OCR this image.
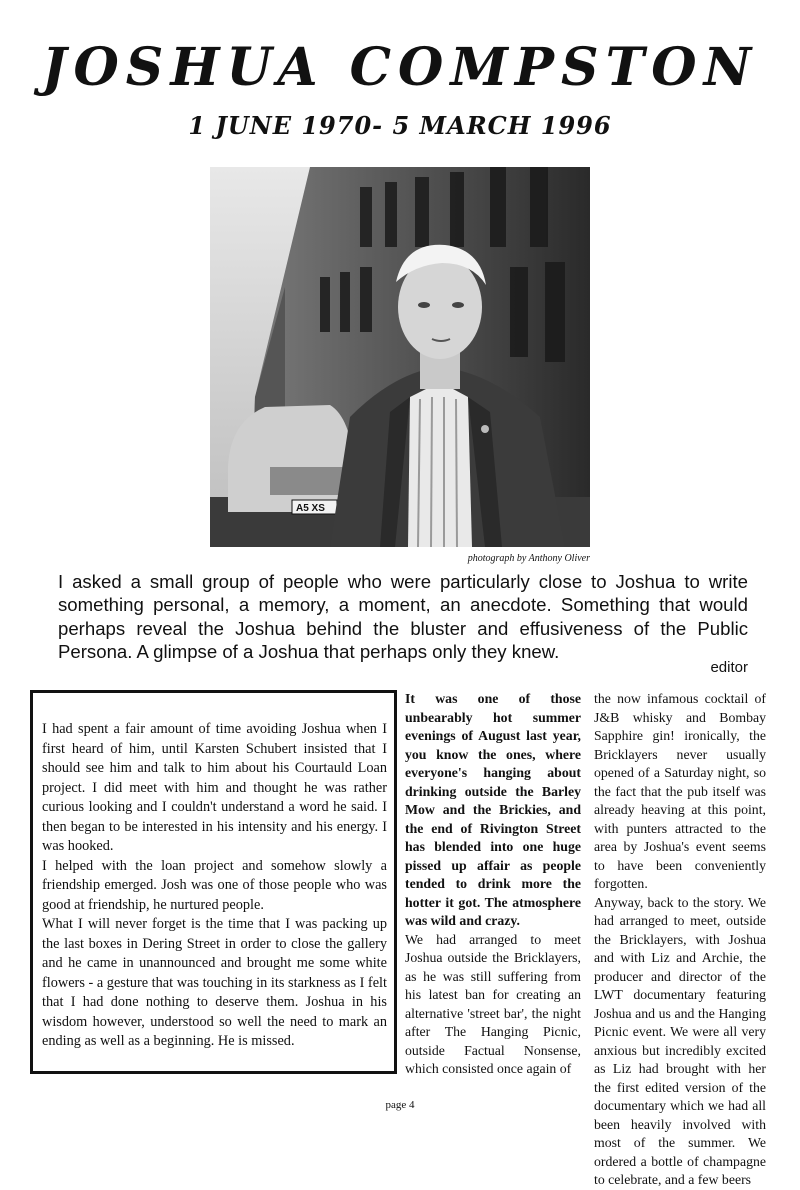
JOSHUA COMPSTON
1 JUNE 1970- 5 MARCH 1996
A5 XS
photograph by Anthony Oliver
I asked a small group of people who were particularly close to Joshua to write something personal, a memory, a moment, an anecdote. Something that would perhaps reveal the Joshua behind the bluster and effusiveness of the Public Persona. A glimpse of a Joshua that perhaps only they knew.
editor

I had spent a fair amount of time avoiding Joshua when I first heard of him, until Karsten Schubert insisted that I should see him and talk to him about his Courtauld Loan project. I did meet with him and thought he was rather curious looking and I couldn't understand a word he said. I then began to be interested in his intensity and his energy. I was hooked.

I helped with the loan project and somehow slowly a friendship emerged. Josh was one of those people who was good at friendship, he nurtured people.

What I will never forget is the time that I was packing up the last boxes in Dering Street in order to close the gallery and he came in unannounced and brought me some white flowers - a gesture that was touching in its starkness as I felt that I had done nothing to deserve them. Joshua in his wisdom however, understood so well the need to mark an ending as well as a beginning. He is missed.

It was one of those unbearably hot summer evenings of August last year, you know the ones, where everyone's hanging about drinking outside the Barley Mow and the Brickies, and the end of Rivington Street has blended into one huge pissed up affair as people tended to drink more the hotter it got. The atmosphere was wild and crazy.

We had arranged to meet Joshua outside the Bricklayers, as he was still suffering from his latest ban for creating an alternative 'street bar', the night after The Hanging Picnic, outside Factual Nonsense, which consisted once again of

the now infamous cocktail of J&B whisky and Bombay Sapphire gin! ironically, the Bricklayers never usually opened of a Saturday night, so the fact that the pub itself was already heaving at this point, with punters attracted to the area by Joshua's event seems to have been conveniently forgotten.

Anyway, back to the story. We had arranged to meet, outside the Bricklayers, with Joshua and with Liz and Archie, the producer and director of the LWT documentary featuring Joshua and us and the Hanging Picnic event. We were all very anxious but incredibly excited as Liz had brought with her the first edited version of the documentary which we had all been heavily involved with most of the summer. We ordered a bottle of champagne to celebrate, and a few beers

page 4
